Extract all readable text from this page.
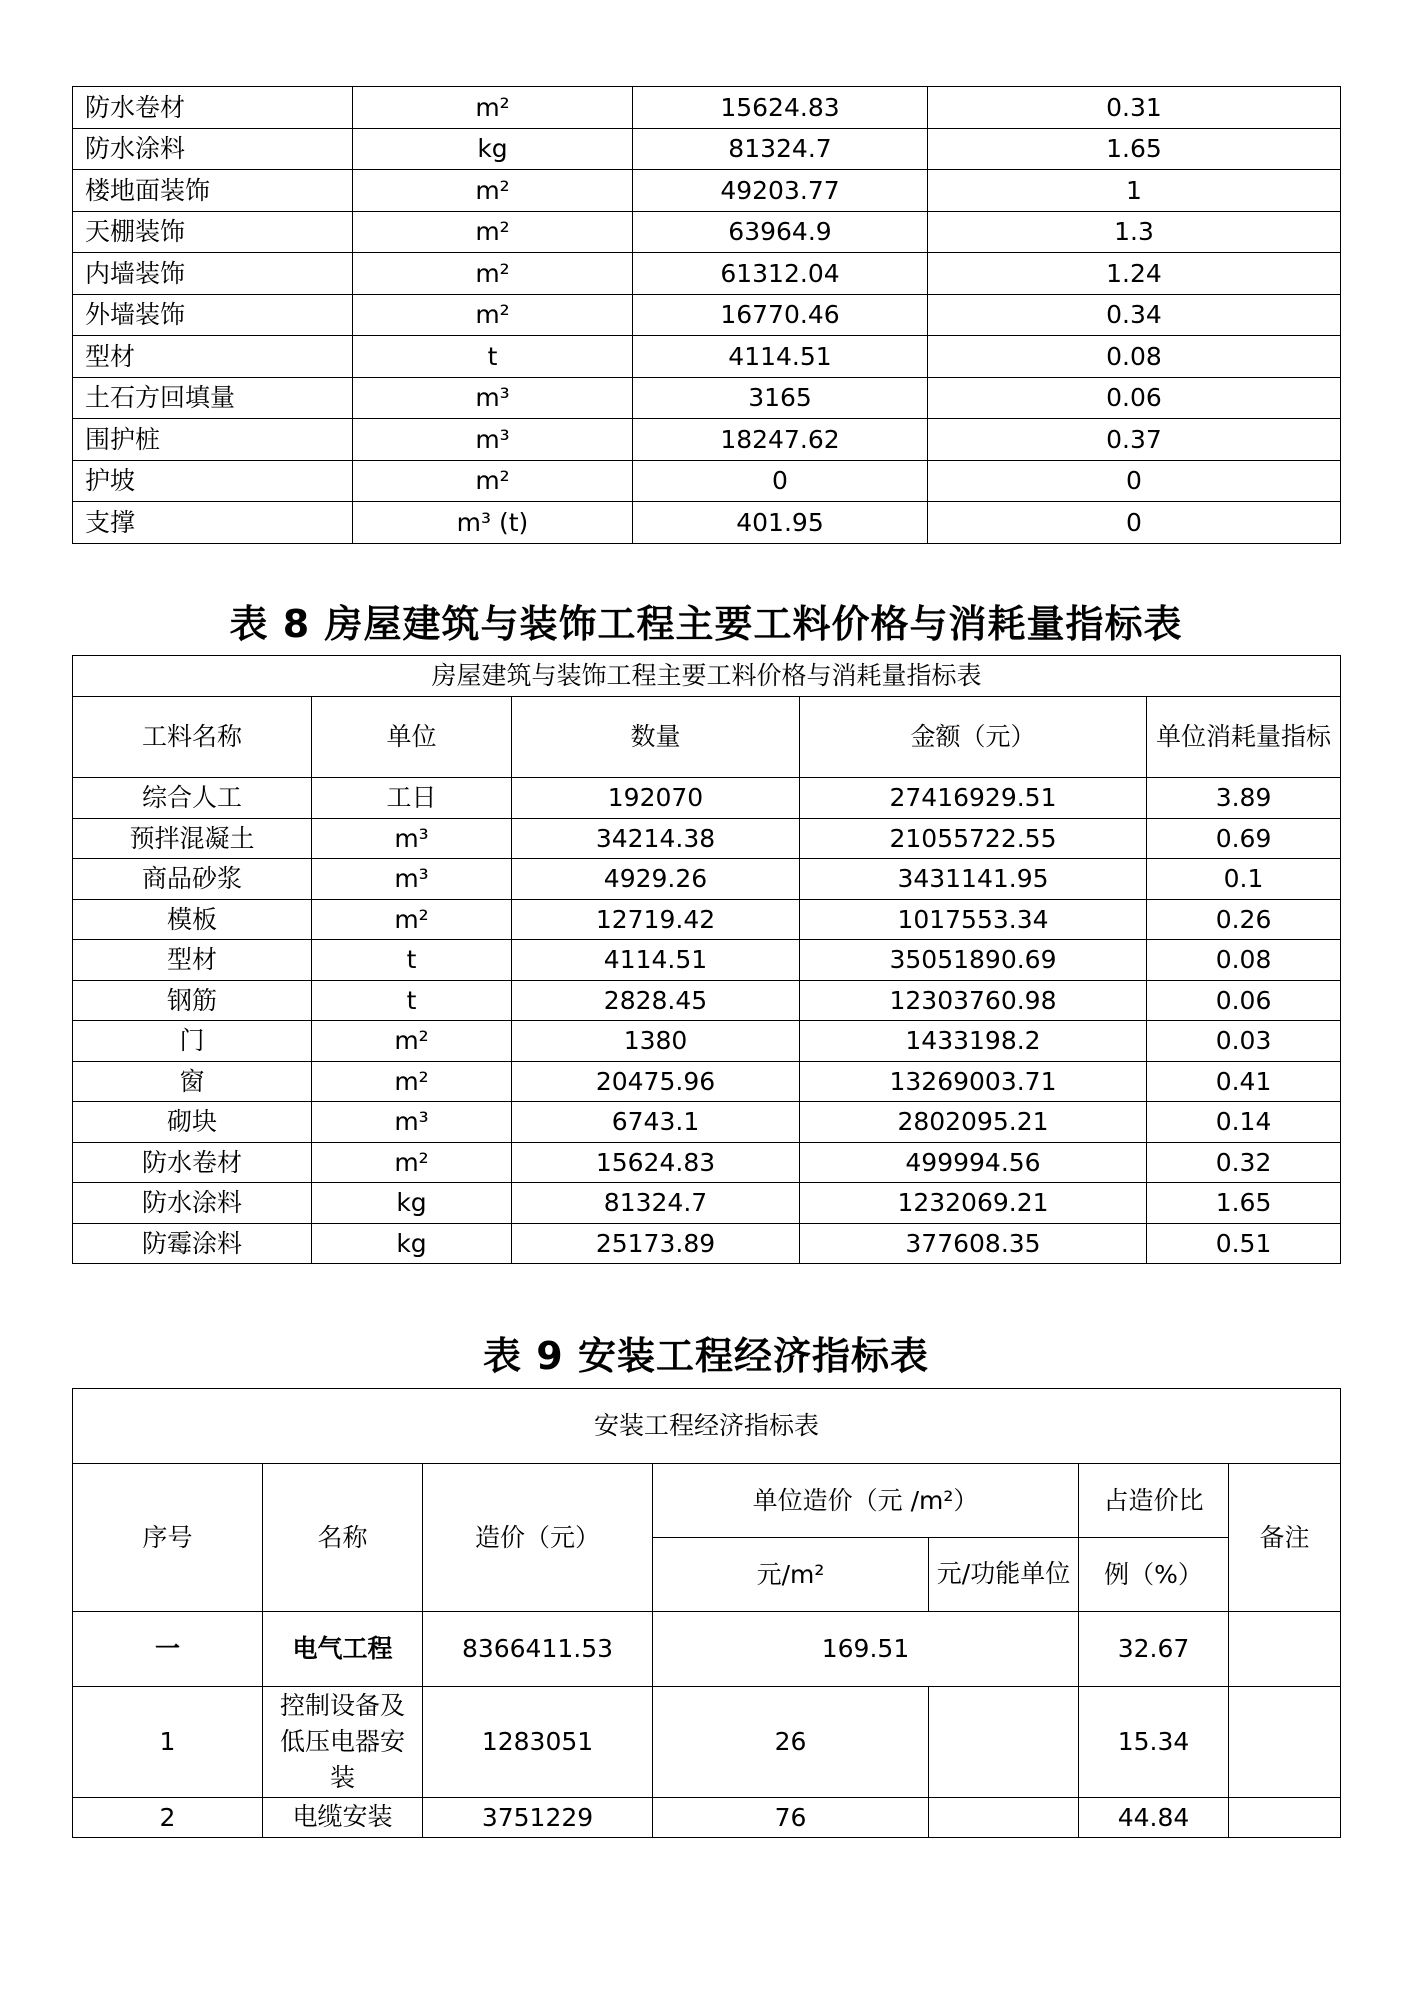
防水卷材	m²	15624.83	0.31
防水涂料	kg	81324.7	1.65
楼地面装饰	m²	49203.77	1
天棚装饰	m²	63964.9	1.3
内墙装饰	m²	61312.04	1.24
外墙装饰	m²	16770.46	0.34
型材	t	4114.51	0.08
土石方回填量	m³	3165	0.06
围护桩	m³	18247.62	0.37
护坡	m²	0	0
支撑	m³ (t)	401.95	0
表 8 房屋建筑与装饰工程主要工料价格与消耗量指标表
房屋建筑与装饰工程主要工料价格与消耗量指标表				
工料名称	单位	数量	金额（元）	单位消耗量指标
综合人工	工日	192070	27416929.51	3.89
预拌混凝土	m³	34214.38	21055722.55	0.69
商品砂浆	m³	4929.26	3431141.95	0.1
模板	m²	12719.42	1017553.34	0.26
型材	t	4114.51	35051890.69	0.08
钢筋	t	2828.45	12303760.98	0.06
门	m²	1380	1433198.2	0.03
窗	m²	20475.96	13269003.71	0.41
砌块	m³	6743.1	2802095.21	0.14
防水卷材	m²	15624.83	499994.56	0.32
防水涂料	kg	81324.7	1232069.21	1.65
防霉涂料	kg	25173.89	377608.35	0.51
表 9 安装工程经济指标表
安装工程经济指标表						
序号	名称	造价（元）	单位造价（元 /m²）		占造价比	备注
			元/m²	元/功能单位	例（%）	
一	电气工程	8366411.53	169.51		32.67	
1	控制设备及低压电器安装	1283051	26		15.34	
2	电缆安装	3751229	76		44.84	
